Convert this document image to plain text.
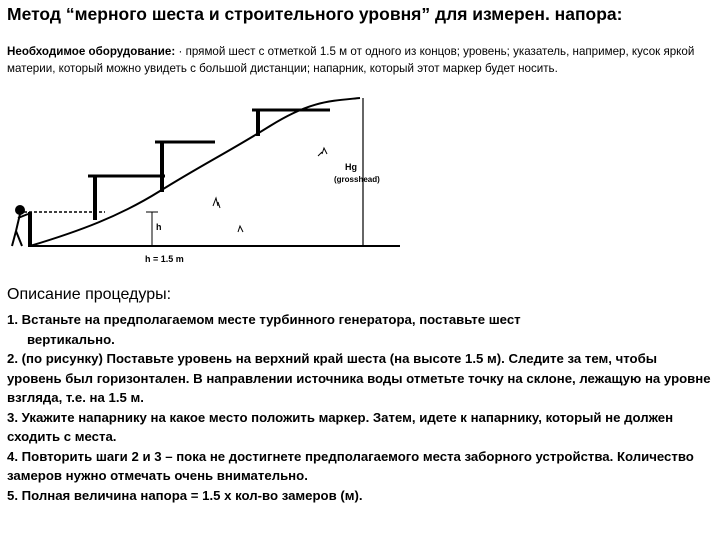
Метод “мерного шеста и строительного уровня” для измерен. напора:
Необходимое оборудование: · прямой шест с отметкой 1.5 м от одного из концов; уровень; указатель, например, кусок яркой материи, который можно увидеть с большой дистанции; напарник, который этот маркер будет носить.
h
Hg
(grosshead)
h = 1.5 m
Описание процедуры:
1. Встаньте на предполагаемом месте турбинного генератора, поставьте шест
вертикально.
2. (по рисунку) Поставьте уровень на верхний край шеста (на высоте 1.5 м). Следите за тем, чтобы уровень был горизонтален. В направлении источника воды отметьте точку на склоне, лежащую на уровне взгляда, т.е. на 1.5 м.
3. Укажите напарнику на какое место положить маркер. Затем, идете к напарнику, который не должен сходить с места.
4. Повторить шаги 2 и 3 – пока не достигнете предполагаемого места заборного устройства. Количество замеров нужно отмечать очень внимательно.
5. Полная величина напора = 1.5 x кол-во замеров (м).
